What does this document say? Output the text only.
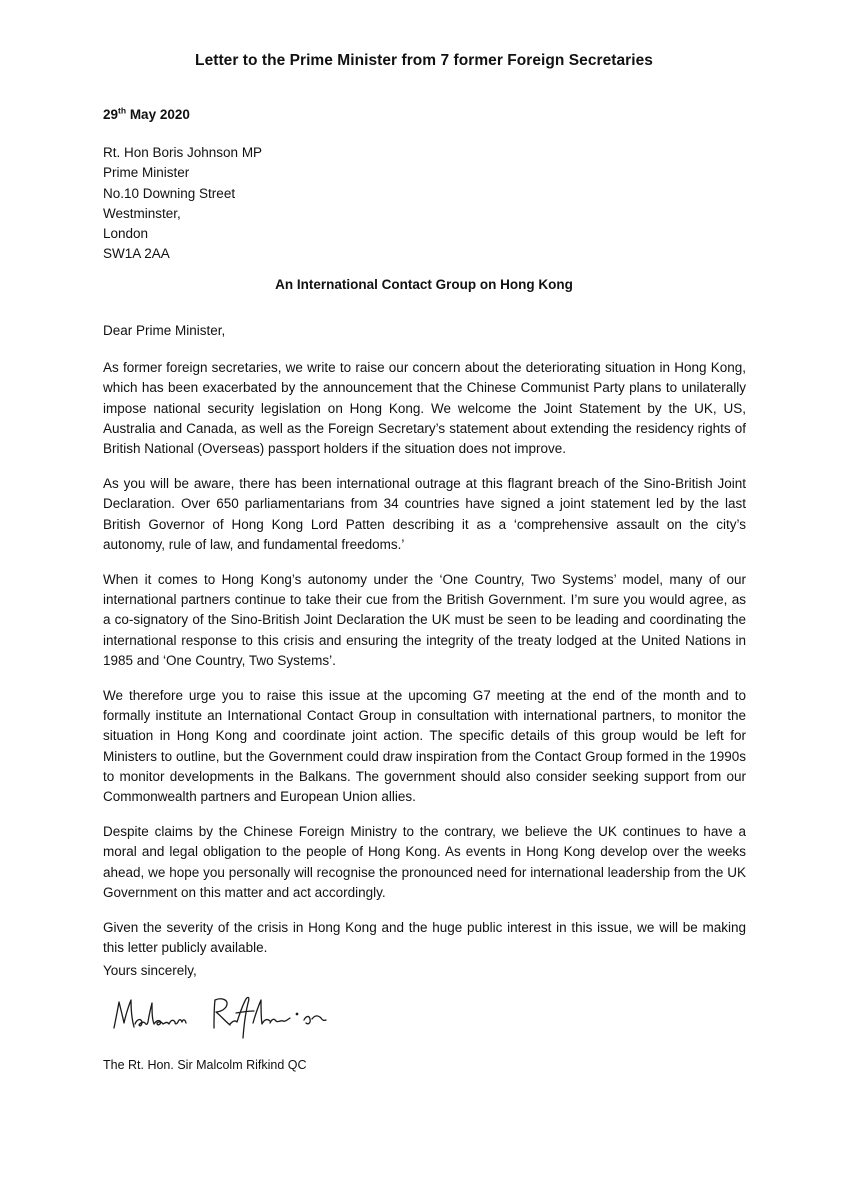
Letter to the Prime Minister from 7 former Foreign Secretaries
29th May 2020
Rt. Hon Boris Johnson MP
Prime Minister
No.10 Downing Street
Westminster,
London
SW1A 2AA
An International Contact Group on Hong Kong
Dear Prime Minister,

As former foreign secretaries, we write to raise our concern about the deteriorating situation in Hong Kong, which has been exacerbated by the announcement that the Chinese Communist Party plans to unilaterally impose national security legislation on Hong Kong. We welcome the Joint Statement by the UK, US, Australia and Canada, as well as the Foreign Secretary’s statement about extending the residency rights of British National (Overseas) passport holders if the situation does not improve.

As you will be aware, there has been international outrage at this flagrant breach of the Sino-British Joint Declaration. Over 650 parliamentarians from 34 countries have signed a joint statement led by the last British Governor of Hong Kong Lord Patten describing it as a ‘comprehensive assault on the city’s autonomy, rule of law, and fundamental freedoms.’

When it comes to Hong Kong’s autonomy under the ‘One Country, Two Systems’ model, many of our international partners continue to take their cue from the British Government. I’m sure you would agree, as a co-signatory of the Sino-British Joint Declaration the UK must be seen to be leading and coordinating the international response to this crisis and ensuring the integrity of the treaty lodged at the United Nations in 1985 and ‘One Country, Two Systems’.

We therefore urge you to raise this issue at the upcoming G7 meeting at the end of the month and to formally institute an International Contact Group in consultation with international partners, to monitor the situation in Hong Kong and coordinate joint action. The specific details of this group would be left for Ministers to outline, but the Government could draw inspiration from the Contact Group formed in the 1990s to monitor developments in the Balkans. The government should also consider seeking support from our Commonwealth partners and European Union allies.

Despite claims by the Chinese Foreign Ministry to the contrary, we believe the UK continues to have a moral and legal obligation to the people of Hong Kong. As events in Hong Kong develop over the weeks ahead, we hope you personally will recognise the pronounced need for international leadership from the UK Government on this matter and act accordingly.

Given the severity of the crisis in Hong Kong and the huge public interest in this issue, we will be making this letter publicly available.

Yours sincerely,
The Rt. Hon. Sir Malcolm Rifkind QC
